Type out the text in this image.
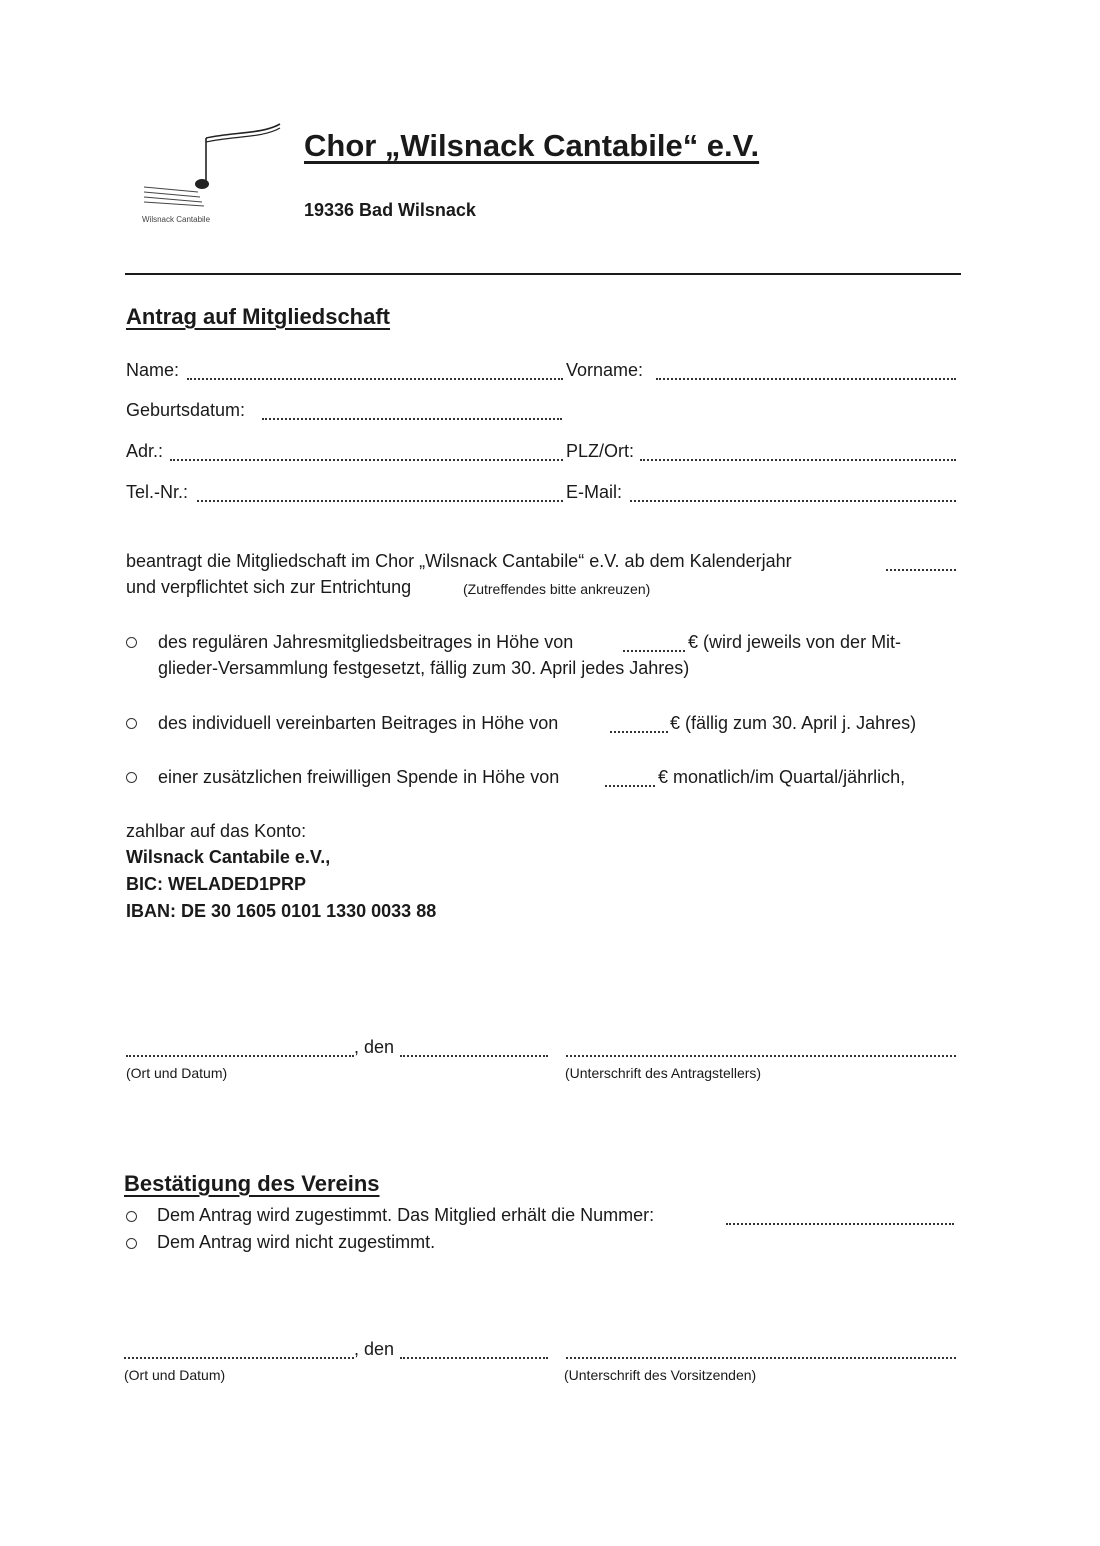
Wilsnack Cantabile
Chor „Wilsnack Cantabile“ e.V.
19336 Bad Wilsnack
Antrag auf Mitgliedschaft
Name:	Vorname:
Geburtsdatum:
Adr.:	PLZ/Ort:
Tel.-Nr.:	E-Mail:
beantragt die Mitgliedschaft im Chor „Wilsnack Cantabile“ e.V. ab dem Kalenderjahr
und verpflichtet sich zur Entrichtung	(Zutreffendes bitte ankreuzen)
des regulären Jahresmitgliedsbeitrages in Höhe von	€ (wird jeweils von der Mit-
glieder-Versammlung festgesetzt, fällig zum 30. April jedes Jahres)
des individuell vereinbarten Beitrages in Höhe von	€ (fällig zum 30. April j. Jahres)
einer zusätzlichen freiwilligen Spende in Höhe von	€ monatlich/im Quartal/jährlich,
zahlbar auf das Konto:
Wilsnack Cantabile e.V.,
BIC: WELADED1PRP
IBAN: DE 30 1605 0101 1330 0033 88
, den
(Ort und Datum)	(Unterschrift des Antragstellers)
Bestätigung des Vereins
Dem Antrag wird zugestimmt. Das Mitglied erhält die Nummer:
Dem Antrag wird nicht zugestimmt.
, den
(Ort und Datum)	(Unterschrift des Vorsitzenden)
